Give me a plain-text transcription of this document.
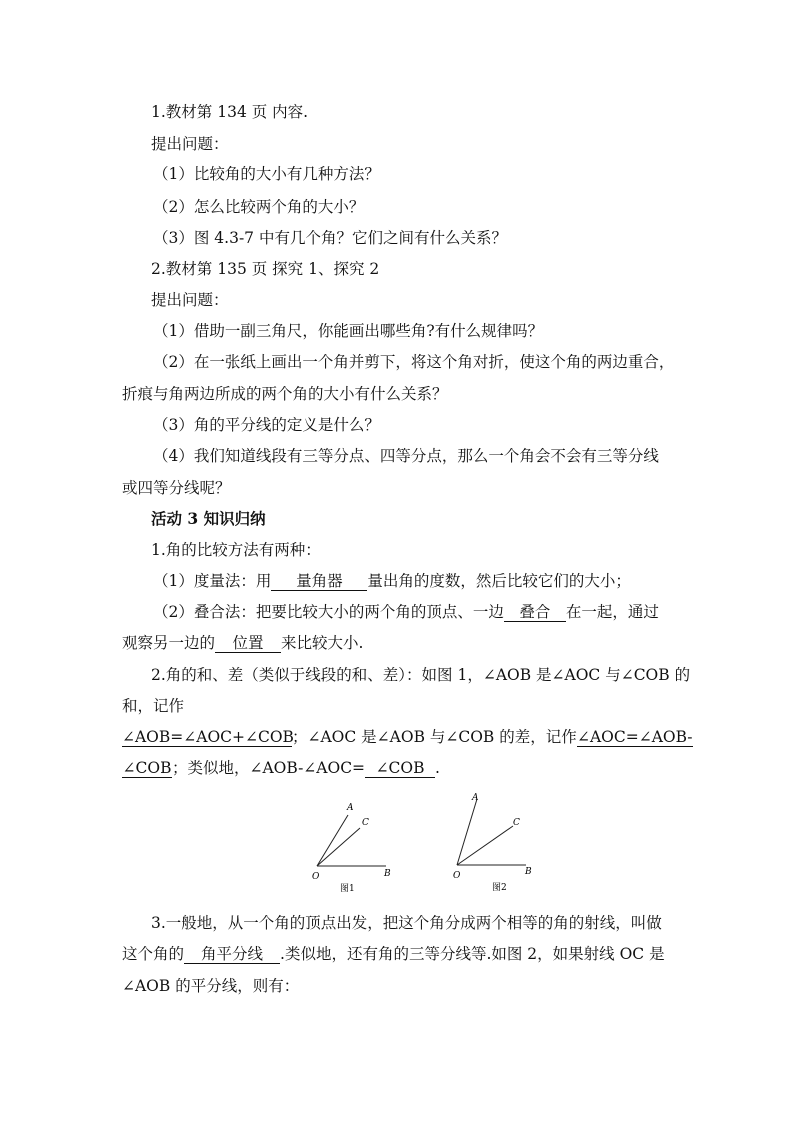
1.教材第 134 页 内容.

提出问题：

（1）比较角的大小有几种方法？

（2）怎么比较两个角的大小？

（3）图 4.3-7 中有几个角？它们之间有什么关系？

2.教材第 135 页 探究 1、探究 2

提出问题：

（1）借助一副三角尺，你能画出哪些角?有什么规律吗？

（2）在一张纸上画出一个角并剪下，将这个角对折，使这个角的两边重合，

折痕与角两边所成的两个角的大小有什么关系？

（3）角的平分线的定义是什么？

（4）我们知道线段有三等分点、四等分点，那么一个角会不会有三等分线

或四等分线呢？

活动 3 知识归纳

1.角的比较方法有两种：

（1）度量法：用 量角器 量出角的度数，然后比较它们的大小；

（2）叠合法：把要比较大小的两个角的顶点、一边 叠合 在一起，通过

观察另一边的 位置 来比较大小.

2.角的和、差（类似于线段的和、差）：如图 1，∠AOB 是∠AOC 与∠COB 的

和，记作

∠AOB=∠AOC+∠COB；∠AOC 是∠AOB 与∠COB 的差，记作∠AOC=∠AOB-

∠COB；类似地，∠AOB-∠AOC= ∠COB .

A
C
O	B
图1
A
C
O	B
图2

3.一般地，从一个角的顶点出发，把这个角分成两个相等的角的射线，叫做

这个角的 角平分线 .类似地，还有角的三等分线等.如图 2，如果射线 OC 是

∠AOB 的平分线，则有：
